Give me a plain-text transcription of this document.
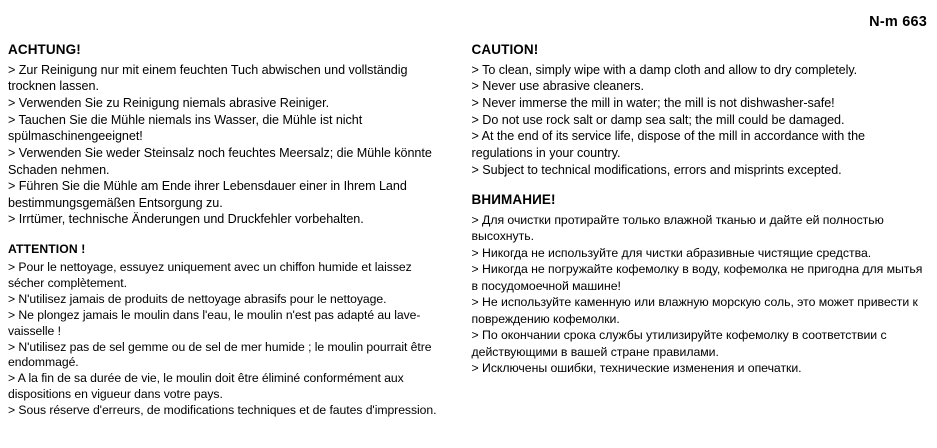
N-m 663

ACHTUNG!

> Zur Reinigung nur mit einem feuchten Tuch abwischen und vollständig trocknen lassen.

> Verwenden Sie zu Reinigung niemals abrasive Reiniger.

> Tauchen Sie die Mühle niemals ins Wasser, die Mühle ist nicht spülmaschinengeeignet!

> Verwenden Sie weder Steinsalz noch feuchtes Meersalz; die Mühle könnte Schaden nehmen.

> Führen Sie die Mühle am Ende ihrer Lebensdauer einer in Ihrem Land bestimmungsgemäßen Entsorgung zu.

> Irrtümer, technische Änderungen und Druckfehler vorbehalten.

ATTENTION !

> Pour le nettoyage, essuyez uniquement avec un chiffon humide et laissez sécher complètement.

> N'utilisez jamais de produits de nettoyage abrasifs pour le nettoyage.

> Ne plongez jamais le moulin dans l'eau, le moulin n'est pas adapté au lave-vaisselle !

> N'utilisez pas de sel gemme ou de sel de mer humide ; le moulin pourrait être endommagé.

> A la fin de sa durée de vie, le moulin doit être éliminé conformément aux dispositions en vigueur dans votre pays.

> Sous réserve d'erreurs, de modifications techniques et de fautes d'impression.

CAUTION!

> To clean, simply wipe with a damp cloth and allow to dry completely.

> Never use abrasive cleaners.

> Never immerse the mill in water; the mill is not dishwasher-safe!

> Do not use rock salt or damp sea salt; the mill could be damaged.

> At the end of its service life, dispose of the mill in accordance with the regulations in your country.

> Subject to technical modifications, errors and misprints excepted.

ВНИМАНИЕ!

> Для очистки протирайте только влажной тканью и дайте ей полностью высохнуть.

> Никогда не используйте для чистки абразивные чистящие средства.

> Никогда не погружайте кофемолку в воду, кофемолка не пригодна для мытья в посудомоечной машине!

> Не используйте каменную или влажную морскую соль, это может привести к повреждению кофемолки.

> По окончании срока службы утилизируйте кофемолку в соответствии с действующими в вашей стране правилами.

> Исключены ошибки, технические изменения и опечатки.
